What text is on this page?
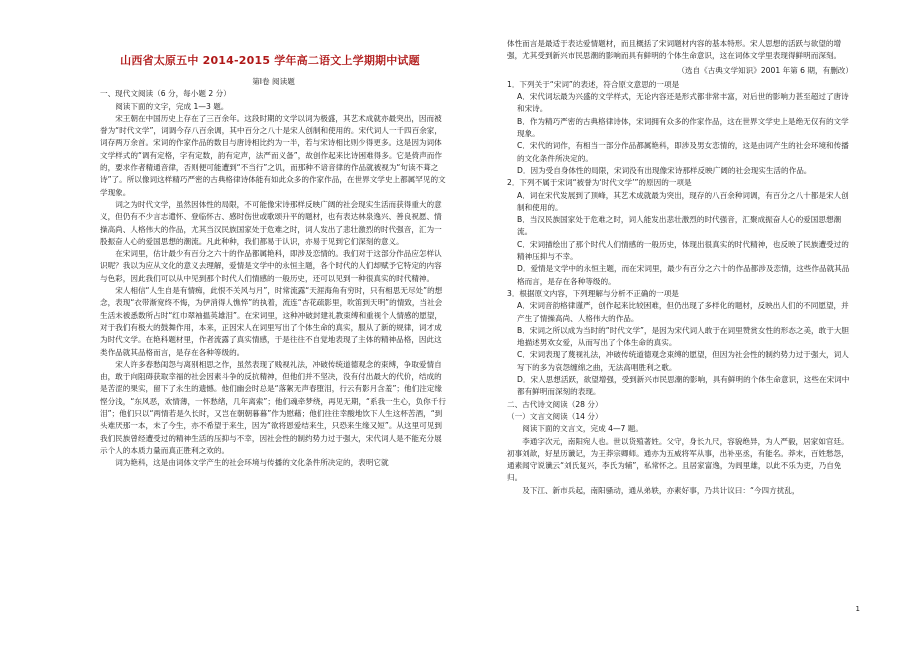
山西省太原五中 2014-2015 学年高二语文上学期期中试题
第Ⅰ卷 阅读题

一、现代文阅读（6 分，每小题 2 分）

阅读下面的文字，完成 1—3 题。

宋王朝在中国历史上存在了三百余年。这段时期的文学以词为极盛，其艺术成就亦最突出，因而被誉为“时代文学”，词调今存八百余调，其中百分之八十是宋人创制和使用的。宋代词人一千四百余家，词存两万余首。宋词的作家作品的数目与唐诗相比约为一半，若与宋诗相比则少得更多。这是因为词体文学样式的“调有定格，字有定数，韵有定声，法严而义备”，故创作起来比诗困难得多。它是倚声而作的，要求作者精通音律，否则便可能遭到“不当行”之讥，而那种不谙音律的作品就被视为“句读不葺之诗”了。所以像词这样精巧严密的古典格律诗体能有如此众多的作家作品，在世界文学史上都属罕见的文学现象。

词之为时代文学，虽然因体性的局限，不可能像宋诗那样反映广阔的社会现实生活而获得重大的意义，但仍有不少言志遣怀、登临怀古、感时伤世或歌颂升平的题材，也有表达林泉逸兴、善良祝愿、情操高尚、人格伟大的作品，尤其当汉民族国家处于危难之时，词人发出了悲壮激烈的时代强音，汇为一股振奋人心的爱国思想的潮流。凡此种种，我们都易于认识，亦易于见到它们深刻的意义。

在宋词里，估计最少有百分之六十的作品都属艳科，即涉及恋情的。我们对于这部分作品应怎样认识呢？我以为应从文化的意义去理解，爱情是文学中的永恒主题，各个时代的人们却赋予它特定的内容与色彩，因此我们可以从中见到那个时代人们情感的一般历史，还可以见到一种很真实的时代精神。

宋人相信“人生自是有情痴，此恨不关风与月”，时常流露“天涯海角有穷时，只有相思无尽处”的想念，表现“衣带渐宽终不悔，为伊消得人憔悴”的执着，流连“杏花疏影里，吹笛到天明”的情致，当社会生活未被悉数所占时“红巾翠袖揾英雄泪”。在宋词里，这种冲破封建礼教束缚和重视个人情感的愿望，对于我们有极大的鼓舞作用，本来，正因宋人在词里写出了个体生命的真实，服从了新的规律，词才成为时代文学。在艳科题材里，作者流露了真实情感，于是往往不自觉地表现了主体的精神品格，因此这类作品就其品格而言，是存在各种等级的。

宋人许多春愁闺怨与离别相思之作，虽然表现了贱视礼法，冲破传统道德观念的束缚，争取爱情自由，敢于向阻碍获取幸福的社会因素斗争的反抗精神，但他们并不坚决，没有付出最大的代价，结成的是苦涩的果实，留下了永生的遗憾。他们幽会时总是“落絮无声春堕泪，行云有影月含羞”；他们注定缘悭分浅，“东风恶，欢情薄，一怀愁绪，几年离索”；他们魂牵梦绕，再见无期，“系我一生心，负你千行泪”；他们只以“两情若是久长时，又岂在朝朝暮暮”作为慰藉；他们往往幸酸地饮下人生这杯苦酒，“到头难厌那一本，未了今生，亦不希望于来生，因为“欲将恩爱结来生，只恐来生缘又短”。从这里可见到我们民族曾经遭受过的精神生活的压抑与不幸，因社会性的制约势力过于强大，宋代词人是不能充分展示个人的本质力量而真正胜利之欢的。

词为艳科，这是由词体文学产生的社会环境与传播的文化条件所决定的，表明它就

体性而言是最适于表达爱情题材，而且概括了宋词题材内容的基本特形。宋人思想的活跃与欲望的增强，尤其受到新兴市民思潮的影响而具有鲜明的个体生命意识，这在词体文学里表现得鲜明而深刻。

（选自《古典文学知识》2001 年第 6 期，有删改）

1．下列关于“宋词”的表述，符合原文意思的一项是

A．宋代词坛最为兴盛的文学样式，无论内容还是形式都非常丰富，对后世的影响力甚至超过了唐诗和宋诗。

B．作为精巧严密的古典格律诗体，宋词拥有众多的作家作品，这在世界文学史上是绝无仅有的文学现象。

C．宋代的词作，有相当一部分作品都属艳科，即涉及男女恋情的，这是由词产生的社会环境和传播的文化条件所决定的。

D．因为受自身体性的局限，宋词没有出现像宋诗那样反映广阔的社会现实生活的作品。

2．下列不属于宋词“被誉为‘时代文学’”的原因的一项是

A．词在宋代发展到了顶峰，其艺术成就最为突出，现存的八百余种词调，有百分之八十都是宋人创制和使用的。

B．当汉民族国家处于危难之时，词人能发出悲壮激烈的时代强音，汇聚成振奋人心的爱国思想潮流。

C．宋词描绘出了那个时代人们情感的一般历史，体现出很真实的时代精神，也反映了民族遭受过的精神压抑与不幸。

D．爱情是文学中的永恒主题，而在宋词里，最少有百分之六十的作品都涉及恋情，这些作品就其品格而言，是存在各种等级的。

3．根据原文内容，下列理解与分析不正确的一项是

A．宋词音韵格律谨严，创作起来比较困难，但仍出现了多样化的题材，反映出人们的不同愿望，并产生了情操高尚、人格伟大的作品。

B．宋词之所以成为当时的“时代文学”，是因为宋代词人敢于在词里赞赏女性的形态之美，敢于大胆地描述男欢女爱，从而写出了个体生命的真实。

C．宋词表现了蔑视礼法，冲破传统道德观念束缚的愿望，但因为社会性的制约势力过于强大，词人写下的多为哀怨缠绵之曲，无法高唱胜利之歌。

D．宋人思想活跃，欲望增强，受到新兴市民思潮的影响，具有鲜明的个体生命意识，这些在宋词中都有鲜明而深刻的表现。

二、古代诗文阅读（28 分）

（一）文言文阅读（14 分）

阅读下面的文言文，完成 4—7 题。

李通字次元，南阳宛人也。世以货殖著姓。父守，身长九尺，容貌绝异，为人严毅，居家如官廷。初事刘歆，好星历谶记，为王莽宗卿师。通亦为五威将军从事，出补巫丞，有能名。莽末，百姓愁怨，通素闻守说谶云“刘氏复兴，李氏为辅”，私常怀之。且居家富逸，为闾里雄，以此不乐为吏，乃自免归。

及下江、新市兵起，南阳骚动，通从弟轶，亦素好事，乃共计议曰：“今四方扰乱，

1
